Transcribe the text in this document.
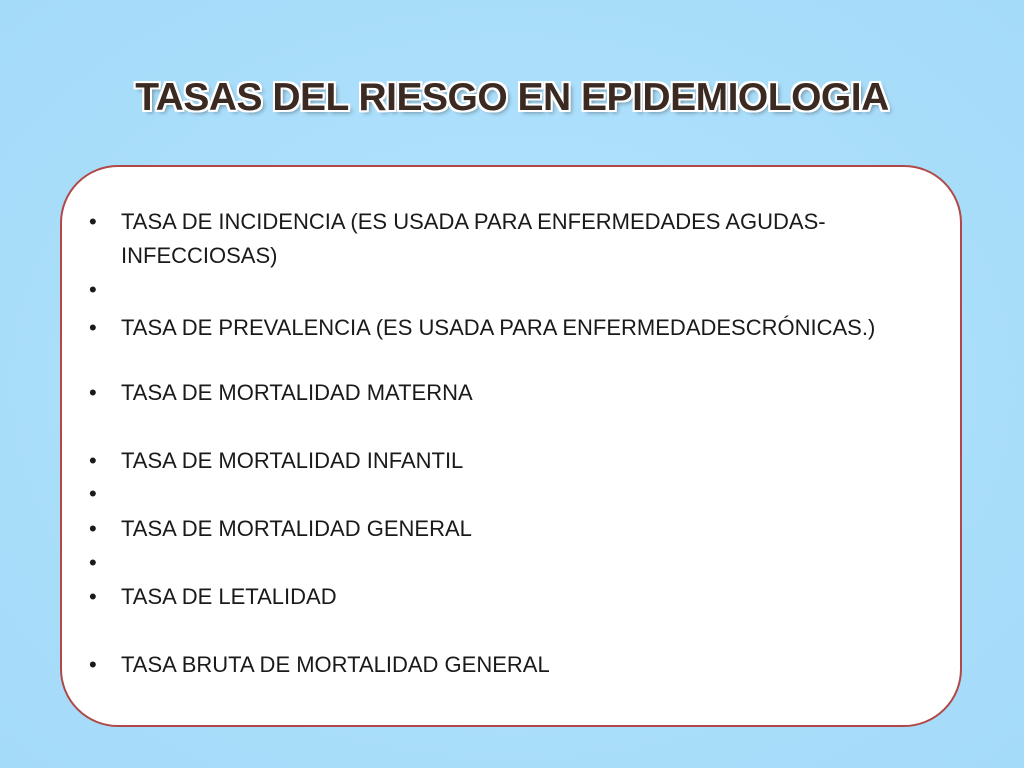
TASAS DEL RIESGO EN EPIDEMIOLOGIA
• TASA DE INCIDENCIA (ES USADA PARA ENFERMEDADES AGUDAS-INFECCIOSAS)
•
• TASA DE PREVALENCIA (ES USADA PARA ENFERMEDADESCRÓNICAS.)
• TASA DE MORTALIDAD MATERNA
• TASA DE MORTALIDAD INFANTIL
•
• TASA DE MORTALIDAD GENERAL
•
• TASA DE LETALIDAD
• TASA BRUTA DE MORTALIDAD GENERAL
